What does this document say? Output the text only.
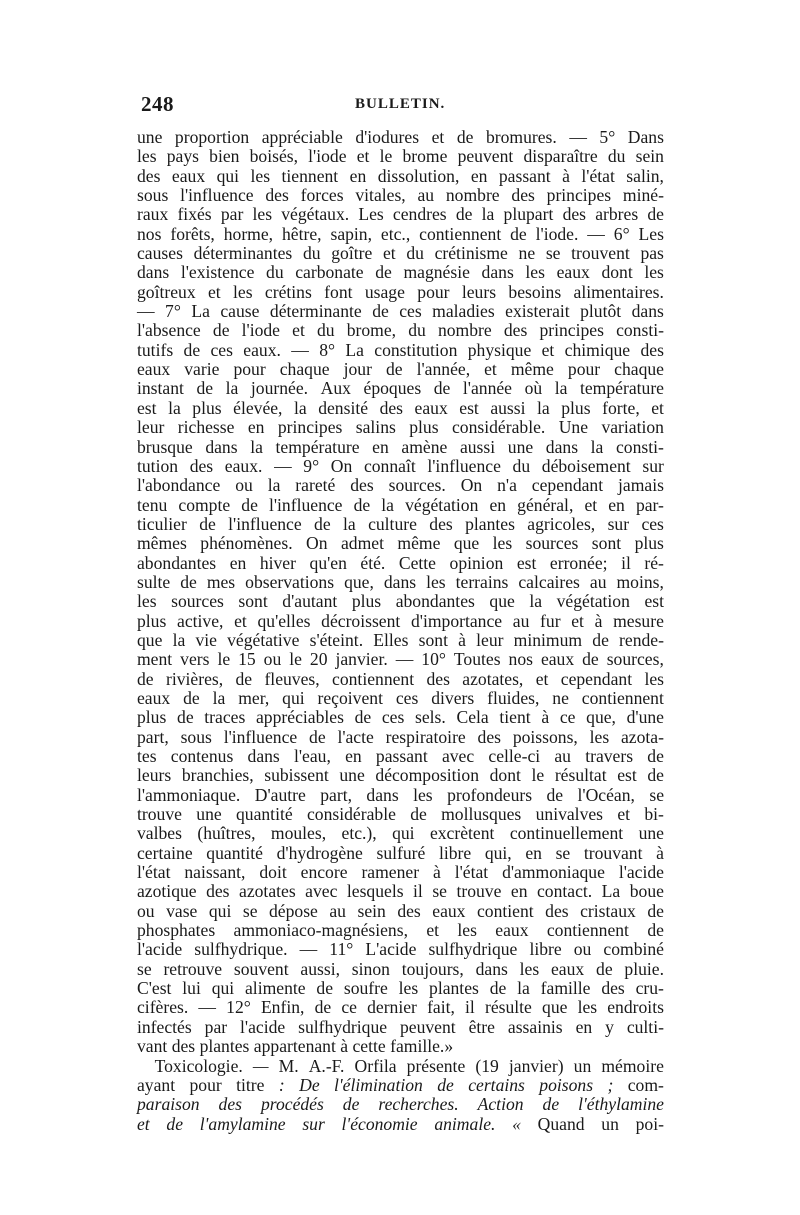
248	BULLETIN.
une proportion appréciable d'iodures et de bromures. — 5° Dans
les pays bien boisés, l'iode et le brome peuvent disparaître du sein
des eaux qui les tiennent en dissolution, en passant à l'état salin,
sous l'influence des forces vitales, au nombre des principes miné-
raux fixés par les végétaux. Les cendres de la plupart des arbres de
nos forêts, horme, hêtre, sapin, etc., contiennent de l'iode. — 6° Les
causes déterminantes du goître et du crétinisme ne se trouvent pas
dans l'existence du carbonate de magnésie dans les eaux dont les
goîtreux et les crétins font usage pour leurs besoins alimentaires.
— 7° La cause déterminante de ces maladies existerait plutôt dans
l'absence de l'iode et du brome, du nombre des principes consti-
tutifs de ces eaux. — 8° La constitution physique et chimique des
eaux varie pour chaque jour de l'année, et même pour chaque
instant de la journée. Aux époques de l'année où la température
est la plus élevée, la densité des eaux est aussi la plus forte, et
leur richesse en principes salins plus considérable. Une variation
brusque dans la température en amène aussi une dans la consti-
tution des eaux. — 9° On connaît l'influence du déboisement sur
l'abondance ou la rareté des sources. On n'a cependant jamais
tenu compte de l'influence de la végétation en général, et en par-
ticulier de l'influence de la culture des plantes agricoles, sur ces
mêmes phénomènes. On admet même que les sources sont plus
abondantes en hiver qu'en été. Cette opinion est erronée; il ré-
sulte de mes observations que, dans les terrains calcaires au moins,
les sources sont d'autant plus abondantes que la végétation est
plus active, et qu'elles décroissent d'importance au fur et à mesure
que la vie végétative s'éteint. Elles sont à leur minimum de rende-
ment vers le 15 ou le 20 janvier. — 10° Toutes nos eaux de sources,
de rivières, de fleuves, contiennent des azotates, et cependant les
eaux de la mer, qui reçoivent ces divers fluides, ne contiennent
plus de traces appréciables de ces sels. Cela tient à ce que, d'une
part, sous l'influence de l'acte respiratoire des poissons, les azota-
tes contenus dans l'eau, en passant avec celle-ci au travers de
leurs branchies, subissent une décomposition dont le résultat est de
l'ammoniaque. D'autre part, dans les profondeurs de l'Océan, se
trouve une quantité considérable de mollusques univalves et bi-
valbes (huîtres, moules, etc.), qui excrètent continuellement une
certaine quantité d'hydrogène sulfuré libre qui, en se trouvant à
l'état naissant, doit encore ramener à l'état d'ammoniaque l'acide
azotique des azotates avec lesquels il se trouve en contact. La boue
ou vase qui se dépose au sein des eaux contient des cristaux de
phosphates ammoniaco-magnésiens, et les eaux contiennent de
l'acide sulfhydrique. — 11° L'acide sulfhydrique libre ou combiné
se retrouve souvent aussi, sinon toujours, dans les eaux de pluie.
C'est lui qui alimente de soufre les plantes de la famille des cru-
cifères. — 12° Enfin, de ce dernier fait, il résulte que les endroits
infectés par l'acide sulfhydrique peuvent être assainis en y culti-
vant des plantes appartenant à cette famille.»
 Toxicologie. — M. A.-F. Orfila présente (19 janvier) un mémoire
ayant pour titre : De l'élimination de certains poisons ; com-
paraison des procédés de recherches. Action de l'éthylamine
et de l'amylamine sur l'économie animale. « Quand un poi-
